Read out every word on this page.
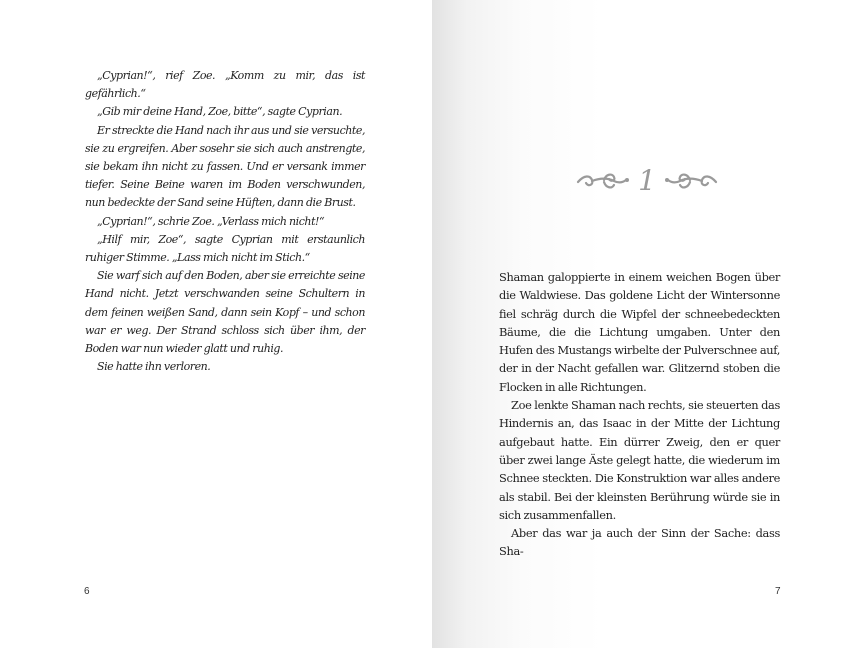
„Cyprian!“, rief Zoe. „Komm zu mir, das ist gefährlich.“

„Gib mir deine Hand, Zoe, bitte“, sagte Cyprian.

Er streckte die Hand nach ihr aus und sie versuchte, sie zu ergreifen. Aber sosehr sie sich auch anstrengte, sie bekam ihn nicht zu fassen. Und er versank immer tiefer. Seine Beine waren im Boden verschwunden, nun bedeckte der Sand seine Hüften, dann die Brust.

„Cyprian!“, schrie Zoe. „Verlass mich nicht!“

„Hilf mir, Zoe“, sagte Cyprian mit erstaunlich ruhiger Stimme. „Lass mich nicht im Stich.“

Sie warf sich auf den Boden, aber sie erreichte seine Hand nicht. Jetzt verschwanden seine Schultern in dem feinen weißen Sand, dann sein Kopf – und schon war er weg. Der Strand schloss sich über ihm, der Boden war nun wieder glatt und ruhig.

Sie hatte ihn verloren.

6
1

Shaman galoppierte in einem weichen Bogen über die Waldwiese. Das goldene Licht der Wintersonne fiel schräg durch die Wipfel der schneebedeckten Bäume, die die Lichtung umgaben. Unter den Hufen des Mustangs wirbelte der Pulverschnee auf, der in der Nacht gefallen war. Glitzernd stoben die Flocken in alle Richtungen.

Zoe lenkte Shaman nach rechts, sie steuerten das Hindernis an, das Isaac in der Mitte der Lichtung aufgebaut hatte. Ein dürrer Zweig, den er quer über zwei lange Äste gelegt hatte, die wiederum im Schnee steckten. Die Konstruktion war alles andere als stabil. Bei der kleinsten Berührung würde sie in sich zusammenfallen.

Aber das war ja auch der Sinn der Sache: dass Sha-

7
